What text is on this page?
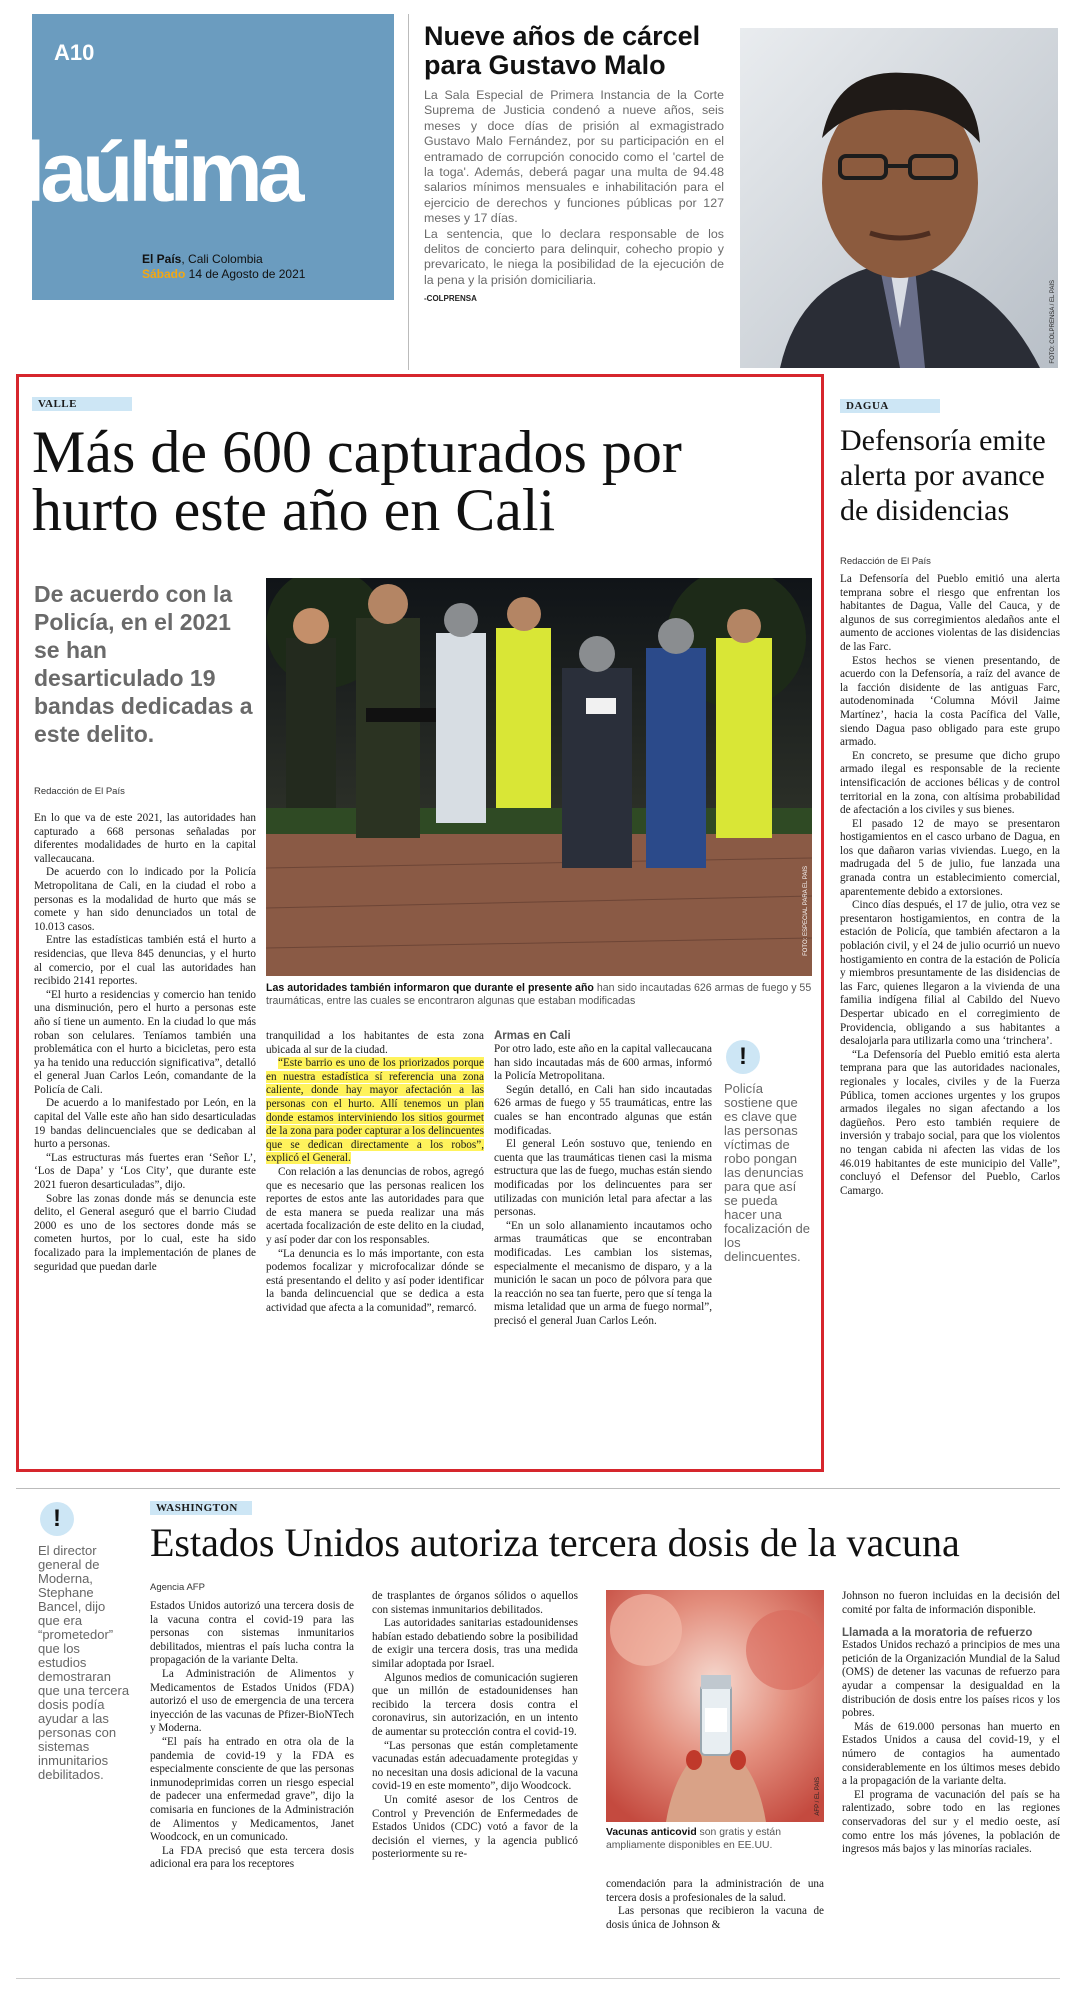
A10
laúltima
El País, Cali Colombia
Sábado 14 de Agosto de 2021
Nueve años de cárcel para Gustavo Malo

La Sala Especial de Primera Instancia de la Corte Suprema de Justicia condenó a nueve años, seis meses y doce días de prisión al exmagistrado Gustavo Malo Fernández, por su participación en el entramado de corrupción conocido como el 'cartel de la toga'. Además, deberá pagar una multa de 94.48 salarios mínimos mensuales e inhabilitación para el ejercicio de derechos y funciones públicas por 127 meses y 17 días.

La sentencia, que lo declara responsable de los delitos de concierto para delinquir, cohecho propio y prevaricato, le niega la posibilidad de la ejecución de la pena y la prisión domiciliaria.

-COLPRENSA	FOTO: COLPRENSA / EL PAÍS
VALLE
Más de 600 capturados por hurto este año en Cali
De acuerdo con la Policía, en el 2021 se han desarticulado 19 bandas dedicadas a este delito.
Redacción de El País
FOTO: ESPECIAL PARA EL PAÍS
Las autoridades también informaron que durante el presente año han sido incautadas 626 armas de fuego y 55 traumáticas, entre las cuales se encontraron algunas que estaban modificadas

En lo que va de este 2021, las autoridades han capturado a 668 personas señaladas por diferentes modalidades de hurto en la capital vallecaucana.

De acuerdo con lo indicado por la Policía Metropolitana de Cali, en la ciudad el robo a personas es la modalidad de hurto que más se comete y han sido denunciados un total de 10.013 casos.

Entre las estadísticas también está el hurto a residencias, que lleva 845 denuncias, y el hurto al comercio, por el cual las autoridades han recibido 2141 reportes.

“El hurto a residencias y comercio han tenido una disminución, pero el hurto a personas este año sí tiene un aumento. En la ciudad lo que más roban son celulares. Teníamos también una problemática con el hurto a bicicletas, pero esta ya ha tenido una reducción significativa”, detalló el general Juan Carlos León, comandante de la Policía de Cali.

De acuerdo a lo manifestado por León, en la capital del Valle este año han sido desarticuladas 19 bandas delincuenciales que se dedicaban al hurto a personas.

“Las estructuras más fuertes eran ‘Señor L’, ‘Los de Dapa’ y ‘Los City’, que durante este 2021 fueron desarticuladas”, dijo.

Sobre las zonas donde más se denuncia este delito, el General aseguró que el barrio Ciudad 2000 es uno de los sectores donde más se cometen hurtos, por lo cual, este ha sido focalizado para la implementación de planes de seguridad que puedan darle

tranquilidad a los habitantes de esta zona ubicada al sur de la ciudad.

“Este barrio es uno de los priorizados porque en nuestra estadística sí referencia una zona caliente, donde hay mayor afectación a las personas con el hurto. Allí tenemos un plan donde estamos interviniendo los sitios gourmet de la zona para poder capturar a los delincuentes que se dedican directamente a los robos”, explicó el General.

Con relación a las denuncias de robos, agregó que es necesario que las personas realicen los reportes de estos ante las autoridades para que de esta manera se pueda realizar una más acertada focalización de este delito en la ciudad, y así poder dar con los responsables.

“La denuncia es lo más importante, con esta podemos focalizar y microfocalizar dónde se está presentando el delito y así poder identificar la banda delincuencial que se dedica a esta actividad que afecta a la comunidad”, remarcó.

Armas en Cali

Por otro lado, este año en la capital vallecaucana han sido incautadas más de 600 armas, informó la Policía Metropolitana.

Según detalló, en Cali han sido incautadas 626 armas de fuego y 55 traumáticas, entre las cuales se han encontrado algunas que están modificadas.

El general León sostuvo que, teniendo en cuenta que las traumáticas tienen casi la misma estructura que las de fuego, muchas están siendo modificadas por los delincuentes para ser utilizadas con munición letal para afectar a las personas.

“En un solo allanamiento incautamos ocho armas traumáticas que se encontraban modificadas. Les cambian los sistemas, especialmente el mecanismo de disparo, y a la munición le sacan un poco de pólvora para que la reacción no sea tan fuerte, pero que sí tenga la misma letalidad que un arma de fuego normal”, precisó el general Juan Carlos León.

!
Policía sostiene que es clave que las personas víctimas de robo pongan las denuncias para que así se pueda hacer una focalización de los delincuentes.
DAGUA
Defensoría emite alerta por avance de disidencias
Redacción de El País

La Defensoría del Pueblo emitió una alerta temprana sobre el riesgo que enfrentan los habitantes de Dagua, Valle del Cauca, y de algunos de sus corregimientos aledaños ante el aumento de acciones violentas de las disidencias de las Farc.

Estos hechos se vienen presentando, de acuerdo con la Defensoría, a raíz del avance de la facción disidente de las antiguas Farc, autodenominada ‘Columna Móvil Jaime Martínez’, hacia la costa Pacífica del Valle, siendo Dagua paso obligado para este grupo armado.

En concreto, se presume que dicho grupo armado ilegal es responsable de la reciente intensificación de acciones bélicas y de control territorial en la zona, con altísima probabilidad de afectación a los civiles y sus bienes.

El pasado 12 de mayo se presentaron hostigamientos en el casco urbano de Dagua, en los que dañaron varias viviendas. Luego, en la madrugada del 5 de julio, fue lanzada una granada contra un establecimiento comercial, aparentemente debido a extorsiones.

Cinco días después, el 17 de julio, otra vez se presentaron hostigamientos, en contra de la estación de Policía, que también afectaron a la población civil, y el 24 de julio ocurrió un nuevo hostigamiento en contra de la estación de Policía y miembros presuntamente de las disidencias de las Farc, quienes llegaron a la vivienda de una familia indígena filial al Cabildo del Nuevo Despertar ubicado en el corregimiento de Providencia, obligando a sus habitantes a desalojarla para utilizarla como una ‘trinchera’.

“La Defensoría del Pueblo emitió esta alerta temprana para que las autoridades nacionales, regionales y locales, civiles y de la Fuerza Pública, tomen acciones urgentes y los grupos armados ilegales no sigan afectando a los dagüeños. Pero esto también requiere de inversión y trabajo social, para que los violentos no tengan cabida ni afecten las vidas de los 46.019 habitantes de este municipio del Valle”, concluyó el Defensor del Pueblo, Carlos Camargo.

!
El director general de Moderna, Stephane Bancel, dijo que era “prometedor” que los estudios demostraran que una tercera dosis podía ayudar a las personas con sistemas inmunitarios debilitados.
WASHINGTON
Estados Unidos autoriza tercera dosis de la vacuna
Agencia AFP

Estados Unidos autorizó una tercera dosis de la vacuna contra el covid-19 para las personas con sistemas inmunitarios debilitados, mientras el país lucha contra la propagación de la variante Delta.

La Administración de Alimentos y Medicamentos de Estados Unidos (FDA) autorizó el uso de emergencia de una tercera inyección de las vacunas de Pfizer-BioNTech y Moderna.

“El país ha entrado en otra ola de la pandemia de covid-19 y la FDA es especialmente consciente de que las personas inmunodeprimidas corren un riesgo especial de padecer una enfermedad grave”, dijo la comisaria en funciones de la Administración de Alimentos y Medicamentos, Janet Woodcock, en un comunicado.

La FDA precisó que esta tercera dosis adicional era para los receptores

de trasplantes de órganos sólidos o aquellos con sistemas inmunitarios debilitados.

Las autoridades sanitarias estadounidenses habían estado debatiendo sobre la posibilidad de exigir una tercera dosis, tras una medida similar adoptada por Israel.

Algunos medios de comunicación sugieren que un millón de estadounidenses han recibido la tercera dosis contra el coronavirus, sin autorización, en un intento de aumentar su protección contra el covid-19.

“Las personas que están completamente vacunadas están adecuadamente protegidas y no necesitan una dosis adicional de la vacuna covid-19 en este momento”, dijo Woodcock.

Un comité asesor de los Centros de Control y Prevención de Enfermedades de Estados Unidos (CDC) votó a favor de la decisión el viernes, y la agencia publicó posteriormente su re-

AFP / EL PAÍS
Vacunas anticovid son gratis y están ampliamente disponibles en EE.UU.

comendación para la administración de una tercera dosis a profesionales de la salud.

Las personas que recibieron la vacuna de dosis única de Johnson &

Johnson no fueron incluidas en la decisión del comité por falta de información disponible.

Llamada a la moratoria de refuerzo

Estados Unidos rechazó a principios de mes una petición de la Organización Mundial de la Salud (OMS) de detener las vacunas de refuerzo para ayudar a compensar la desigualdad en la distribución de dosis entre los países ricos y los pobres.

Más de 619.000 personas han muerto en Estados Unidos a causa del covid-19, y el número de contagios ha aumentado considerablemente en los últimos meses debido a la propagación de la variante delta.

El programa de vacunación del país se ha ralentizado, sobre todo en las regiones conservadoras del sur y el medio oeste, así como entre los más jóvenes, la población de ingresos más bajos y las minorías raciales.
